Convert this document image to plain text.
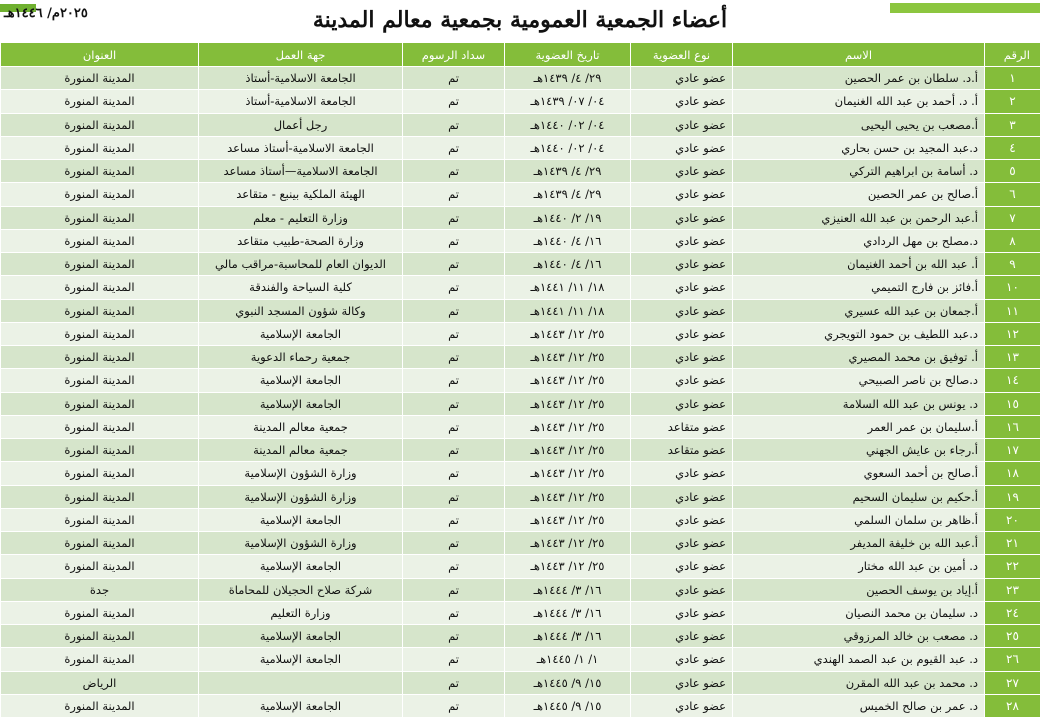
٢٠٢٥م/ ١٤٤٦هـ	أعضاء الجمعية العمومية بجمعية معالم المدينة
الرقم	الاسم	نوع العضوية	تاريخ العضوية	سداد الرسوم	جهة العمل	العنوان
١	أ.د. سلطان بن عمر الحصين	عضو عادي	٢٩/ ٤/ ١٤٣٩هـ	تم	الجامعة الاسلامية-أستاذ	المدينة المنورة
٢	أ. د. أحمد بن عبد الله الغنيمان	عضو عادي	٠٤/ ٠٧/ ١٤٣٩هـ	تم	الجامعة الاسلامية-أستاذ	المدينة المنورة
٣	أ.مصعب بن يحيى اليحيى	عضو عادي	٠٤/ ٠٢/ ١٤٤٠هـ	تم	رجل أعمال	المدينة المنورة
٤	د.عبد المجيد بن حسن بحاري	عضو عادي	٠٤/ ٠٢/ ١٤٤٠هـ	تم	الجامعة الاسلامية-أستاذ مساعد	المدينة المنورة
٥	د. أسامة بن ابراهيم التركي	عضو عادي	٢٩/ ٤/ ١٤٣٩هـ	تم	الجامعة الاسلامية—أستاذ مساعد	المدينة المنورة
٦	أ.صالح بن عمر الحصين	عضو عادي	٢٩/ ٤/ ١٤٣٩هـ	تم	الهيئة الملكية بينبع - متقاعد	المدينة المنورة
٧	أ.عبد الرحمن بن عبد الله العنيزي	عضو عادي	١٩/ ٢/ ١٤٤٠هـ	تم	وزارة التعليم - معلم	المدينة المنورة
٨	د.مصلح بن مهل الردادي	عضو عادي	١٦/ ٤/ ١٤٤٠هـ	تم	وزارة الصحة-طبيب متقاعد	المدينة المنورة
٩	أ. عبد الله بن أحمد الغنيمان	عضو عادي	١٦/ ٤/ ١٤٤٠هـ	تم	الديوان العام للمحاسبة-مراقب مالي	المدينة المنورة
١٠	أ.فائز بن فارج التميمي	عضو عادي	١٨/ ١١/ ١٤٤١هـ	تم	كلية السياحة والفندقة	المدينة المنورة
١١	أ.جمعان بن عبد الله عسيري	عضو عادي	١٨/ ١١/ ١٤٤١هـ	تم	وكالة شؤون المسجد النبوي	المدينة المنورة
١٢	د.عبد اللطيف بن حمود التويجري	عضو عادي	٢٥/ ١٢/ ١٤٤٣هـ	تم	الجامعة الإسلامية	المدينة المنورة
١٣	أ. توفيق بن محمد المصيري	عضو عادي	٢٥/ ١٢/ ١٤٤٣هـ	تم	جمعية رحماء الدعوية	المدينة المنورة
١٤	د.صالح بن ناصر الصبيحي	عضو عادي	٢٥/ ١٢/ ١٤٤٣هـ	تم	الجامعة الإسلامية	المدينة المنورة
١٥	د. يونس بن عبد الله السلامة	عضو عادي	٢٥/ ١٢/ ١٤٤٣هـ	تم	الجامعة الإسلامية	المدينة المنورة
١٦	أ.سليمان بن عمر العمر	عضو متقاعد	٢٥/ ١٢/ ١٤٤٣هـ	تم	جمعية معالم المدينة	المدينة المنورة
١٧	أ.رجاء بن عايش الجهني	عضو متقاعد	٢٥/ ١٢/ ١٤٤٣هـ	تم	جمعية معالم المدينة	المدينة المنورة
١٨	أ.صالح بن أحمد السعوي	عضو عادي	٢٥/ ١٢/ ١٤٤٣هـ	تم	وزارة الشؤون الإسلامية	المدينة المنورة
١٩	أ.حكيم بن سليمان السحيم	عضو عادي	٢٥/ ١٢/ ١٤٤٣هـ	تم	وزارة الشؤون الإسلامية	المدينة المنورة
٢٠	أ.ظاهر بن سلمان السلمي	عضو عادي	٢٥/ ١٢/ ١٤٤٣هـ	تم	الجامعة الإسلامية	المدينة المنورة
٢١	أ.عبد الله بن خليفة المديفر	عضو عادي	٢٥/ ١٢/ ١٤٤٣هـ	تم	وزارة الشؤون الإسلامية	المدينة المنورة
٢٢	د. أمين بن عبد الله مختار	عضو عادي	٢٥/ ١٢/ ١٤٤٣هـ	تم	الجامعة الإسلامية	المدينة المنورة
٢٣	أ.إياد بن يوسف الحصين	عضو عادي	١٦/ ٣/ ١٤٤٤هـ	تم	شركة صلاح الحجيلان للمحاماة	جدة
٢٤	د. سليمان بن محمد النصيان	عضو عادي	١٦/ ٣/ ١٤٤٤هـ	تم	وزارة التعليم	المدينة المنورة
٢٥	د. مصعب بن خالد المرزوقي	عضو عادي	١٦/ ٣/ ١٤٤٤هـ	تم	الجامعة الإسلامية	المدينة المنورة
٢٦	د. عبد القيوم بن عبد الصمد الهندي	عضو عادي	١/ ١/ ١٤٤٥هـ	تم	الجامعة الإسلامية	المدينة المنورة
٢٧	د. محمد بن عبد الله المقرن	عضو عادي	١٥/ ٩/ ١٤٤٥هـ	تم		الرياض
٢٨	د. عمر بن صالح الخميس	عضو عادي	١٥/ ٩/ ١٤٤٥هـ	تم	الجامعة الإسلامية	المدينة المنورة
